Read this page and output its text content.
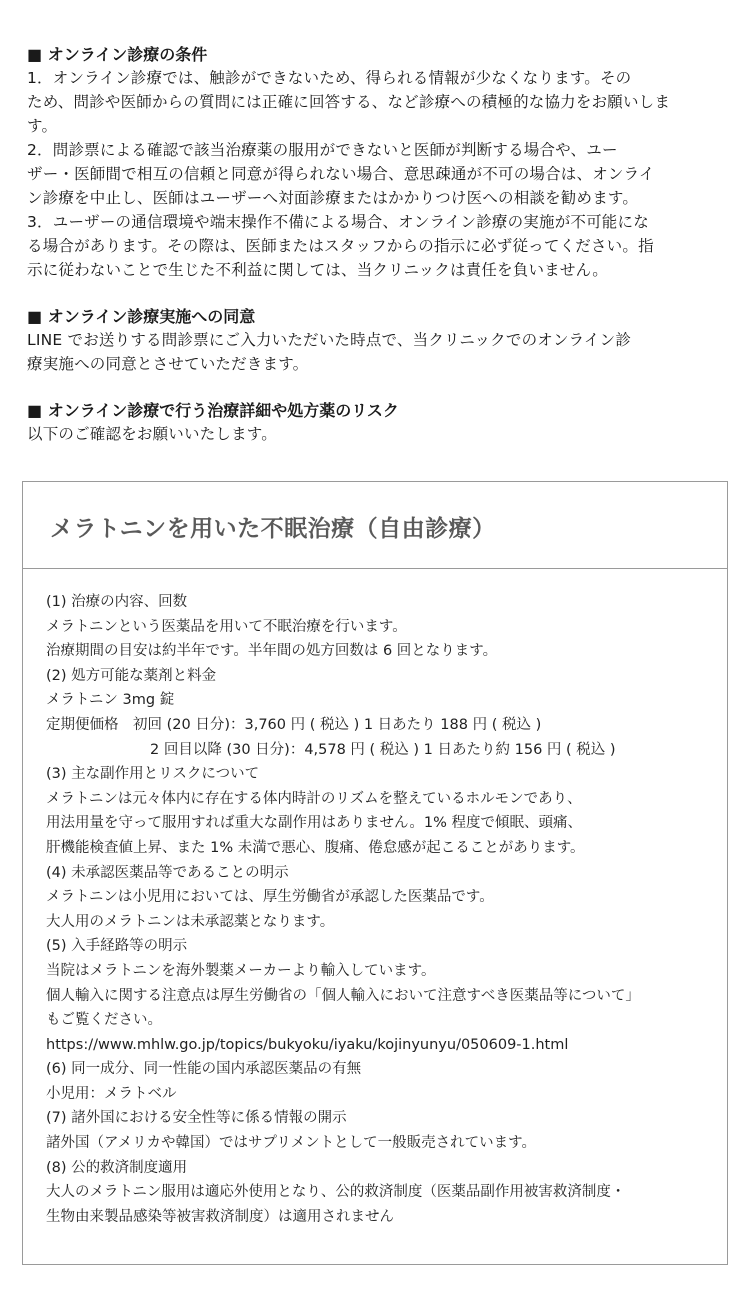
■ オンライン診療の条件

1．オンライン診療では、触診ができないため、得られる情報が少なくなります。その
ため、問診や医師からの質問には正確に回答する、など診療への積極的な協力をお願いしま
す。
2．問診票による確認で該当治療薬の服用ができないと医師が判断する場合や、ユー
ザー・医師間で相互の信頼と同意が得られない場合、意思疎通が不可の場合は、オンライ
ン診療を中止し、医師はユーザーへ対面診療またはかかりつけ医への相談を勧めます。
3．ユーザーの通信環境や端末操作不備による場合、オンライン診療の実施が不可能にな
る場合があります。その際は、医師またはスタッフからの指示に必ず従ってください。指
示に従わないことで生じた不利益に関しては、当クリニックは責任を負いません。

■ オンライン診療実施への同意

LINE でお送りする問診票にご入力いただいた時点で、当クリニックでのオンライン診
療実施への同意とさせていただきます。

■ オンライン診療で行う治療詳細や処方薬のリスク

以下のご確認をお願いいたします。

メラトニンを用いた不眠治療（自由診療）

(1) 治療の内容、回数
メラトニンという医薬品を用いて不眠治療を行います。
治療期間の目安は約半年です。半年間の処方回数は 6 回となります。
(2) 処方可能な薬剤と料金
メラトニン 3mg 錠
定期便価格　初回 (20 日分)：3,760 円 ( 税込 ) 1 日あたり 188 円 ( 税込 )
2 回目以降 (30 日分)：4,578 円 ( 税込 ) 1 日あたり約 156 円 ( 税込 )
(3) 主な副作用とリスクについて
メラトニンは元々体内に存在する体内時計のリズムを整えているホルモンであり、
用法用量を守って服用すれば重大な副作用はありません。1% 程度で傾眠、頭痛、
肝機能検査値上昇、また 1% 未満で悪心、腹痛、倦怠感が起こることがあります。
(4) 未承認医薬品等であることの明示
メラトニンは小児用においては、厚生労働省が承認した医薬品です。
大人用のメラトニンは未承認薬となります。
(5) 入手経路等の明示
当院はメラトニンを海外製薬メーカーより輸入しています。
個人輸入に関する注意点は厚生労働省の「個人輸入において注意すべき医薬品等について」
もご覧ください。
https://www.mhlw.go.jp/topics/bukyoku/iyaku/kojinyunyu/050609-1.html
(6) 同一成分、同一性能の国内承認医薬品の有無
小児用：メラトベル
(7) 諸外国における安全性等に係る情報の開示
諸外国（アメリカや韓国）ではサプリメントとして一般販売されています。
(8) 公的救済制度適用
大人のメラトニン服用は適応外使用となり、公的救済制度（医薬品副作用被害救済制度・
生物由来製品感染等被害救済制度）は適用されません
